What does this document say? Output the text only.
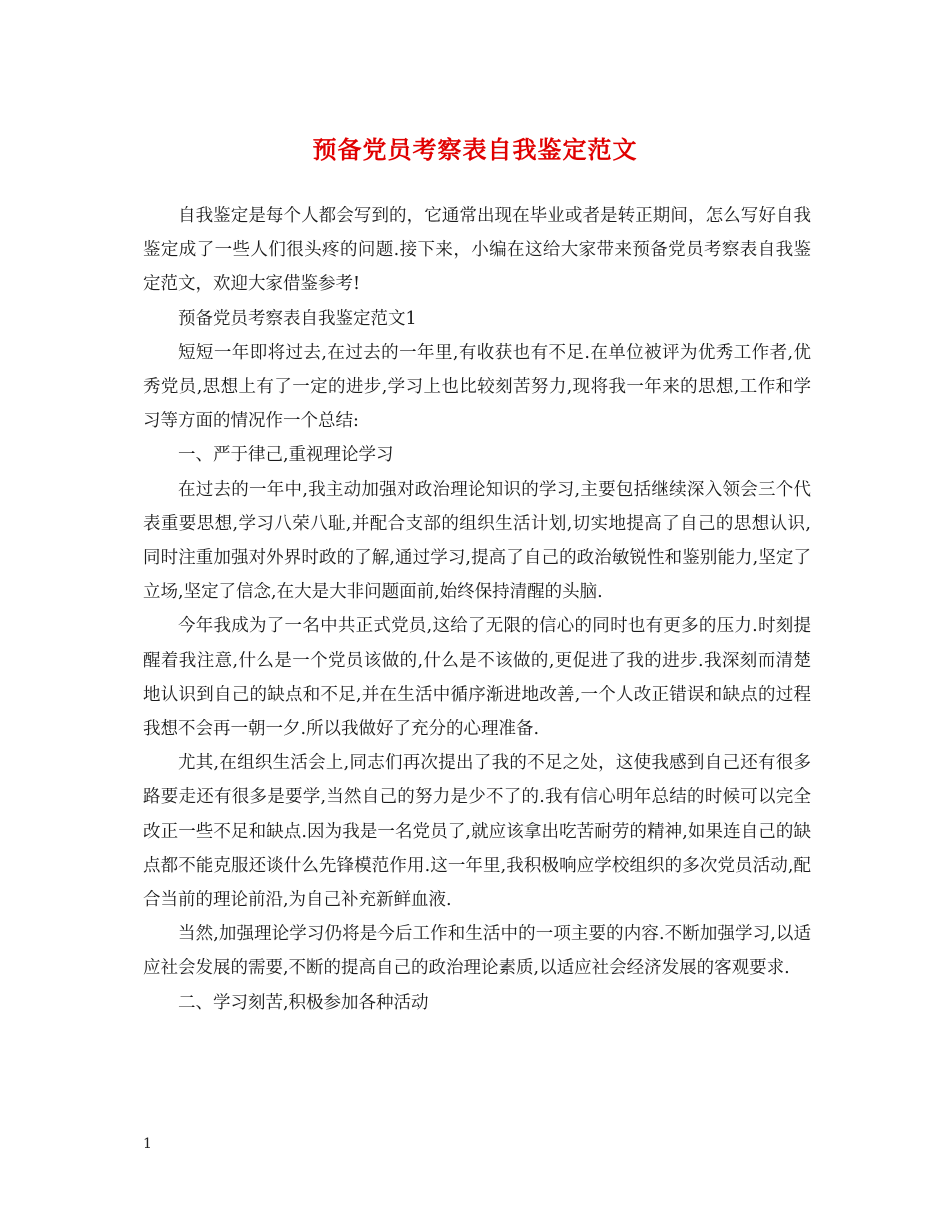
预备党员考察表自我鉴定范文

自我鉴定是每个人都会写到的，它通常出现在毕业或者是转正期间，怎么写好自我鉴定成了一些人们很头疼的问题.接下来，小编在这给大家带来预备党员考察表自我鉴定范文，欢迎大家借鉴参考!

预备党员考察表自我鉴定范文1

短短一年即将过去,在过去的一年里,有收获也有不足.在单位被评为优秀工作者,优秀党员,思想上有了一定的进步,学习上也比较刻苦努力,现将我一年来的思想,工作和学习等方面的情况作一个总结:

一、严于律己,重视理论学习

在过去的一年中,我主动加强对政治理论知识的学习,主要包括继续深入领会三个代表重要思想,学习八荣八耻,并配合支部的组织生活计划,切实地提高了自己的思想认识,同时注重加强对外界时政的了解,通过学习,提高了自己的政治敏锐性和鉴别能力,坚定了立场,坚定了信念,在大是大非问题面前,始终保持清醒的头脑.

今年我成为了一名中共正式党员,这给了无限的信心的同时也有更多的压力.时刻提醒着我注意,什么是一个党员该做的,什么是不该做的,更促进了我的进步.我深刻而清楚地认识到自己的缺点和不足,并在生活中循序渐进地改善,一个人改正错误和缺点的过程我想不会再一朝一夕.所以我做好了充分的心理准备.

尤其,在组织生活会上,同志们再次提出了我的不足之处，这使我感到自己还有很多路要走还有很多是要学,当然自己的努力是少不了的.我有信心明年总结的时候可以完全改正一些不足和缺点.因为我是一名党员了,就应该拿出吃苦耐劳的精神,如果连自己的缺点都不能克服还谈什么先锋模范作用.这一年里,我积极响应学校组织的多次党员活动,配合当前的理论前沿,为自己补充新鲜血液.

当然,加强理论学习仍将是今后工作和生活中的一项主要的内容.不断加强学习,以适应社会发展的需要,不断的提高自己的政治理论素质,以适应社会经济发展的客观要求.

二、学习刻苦,积极参加各种活动

1
